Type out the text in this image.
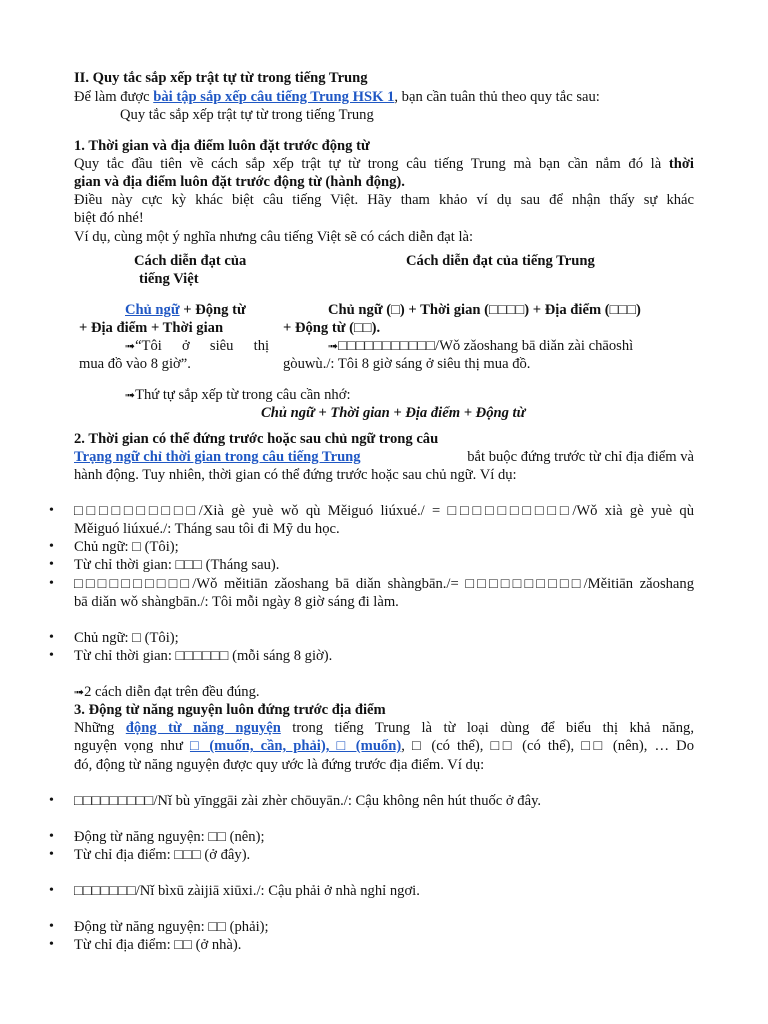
II. Quy tắc sắp xếp trật tự từ trong tiếng Trung
Để làm được bài tập sắp xếp câu tiếng Trung HSK 1, bạn cần tuân thủ theo quy tắc sau:
Quy tắc sắp xếp trật tự từ trong tiếng Trung
1. Thời gian và địa điểm luôn đặt trước động từ
Quy tắc đầu tiên về cách sắp xếp trật tự từ trong câu tiếng Trung mà bạn cần nắm đó là thời
gian và địa điểm luôn đặt trước động từ (hành động).
Điều này cực kỳ khác biệt câu tiếng Việt. Hãy tham khảo ví dụ sau để nhận thấy sự khác
biệt đó nhé!
Ví dụ, cùng một ý nghĩa nhưng câu tiếng Việt sẽ có cách diễn đạt là:
Cách diễn đạt của
tiếng Việt
Cách diễn đạt của tiếng Trung
Chủ ngữ + Động từ
+ Địa điểm + Thời gian
➟“Tôi ở siêu thị
mua đồ vào 8 giờ”.
Chủ ngữ (□) + Thời gian (□□□□) + Địa điểm (□□□)
+ Động từ (□□).
➟□□□□□□□□□□□/Wǒ zǎoshang bā diǎn zài chāoshì
gòuwù./: Tôi 8 giờ sáng ở siêu thị mua đồ.
➟Thứ tự sắp xếp từ trong câu cần nhớ:
Chủ ngữ + Thời gian + Địa điểm + Động từ
2. Thời gian có thể đứng trước hoặc sau chủ ngữ trong câu
Trạng ngữ chỉ thời gian trong câu tiếng Trung	bắt buộc đứng trước từ chỉ địa điểm và
hành động. Tuy nhiên, thời gian có thể đứng trước hoặc sau chủ ngữ. Ví dụ:
• □□□□□□□□□□/Xià gè yuè wǒ qù Měiguó liúxué./ = □□□□□□□□□□/Wǒ xià gè yuè qù
Měiguó liúxué./: Tháng sau tôi đi Mỹ du học.
• Chủ ngữ: □ (Tôi);
• Từ chỉ thời gian: □□□ (Tháng sau).
• □□□□□□□□□□/Wǒ měitiān zǎoshang bā diǎn shàngbān./= □□□□□□□□□□/Měitiān zǎoshang
bā diǎn wǒ shàngbān./: Tôi mỗi ngày 8 giờ sáng đi làm.
• Chủ ngữ: □ (Tôi);
• Từ chỉ thời gian: □□□□□□ (mỗi sáng 8 giờ).
➟2 cách diễn đạt trên đều đúng.
3. Động từ năng nguyện luôn đứng trước địa điểm
Những động từ năng nguyện trong tiếng Trung là từ loại dùng để biểu thị khả năng,
nguyện vọng như □ (muốn, cần, phải), □ (muốn), □ (có thể), □□ (có thể), □□ (nên), … Do
đó, động từ năng nguyện được quy ước là đứng trước địa điểm. Ví dụ:
• □□□□□□□□□/Nǐ bù yīnggāi zài zhèr chōuyān./: Cậu không nên hút thuốc ở đây.
• Động từ năng nguyện: □□ (nên);
• Từ chỉ địa điểm: □□□ (ở đây).
• □□□□□□□/Nǐ bìxū zàijiā xiūxi./: Cậu phải ở nhà nghỉ ngơi.
• Động từ năng nguyện: □□ (phải);
• Từ chỉ địa điểm: □□ (ở nhà).
